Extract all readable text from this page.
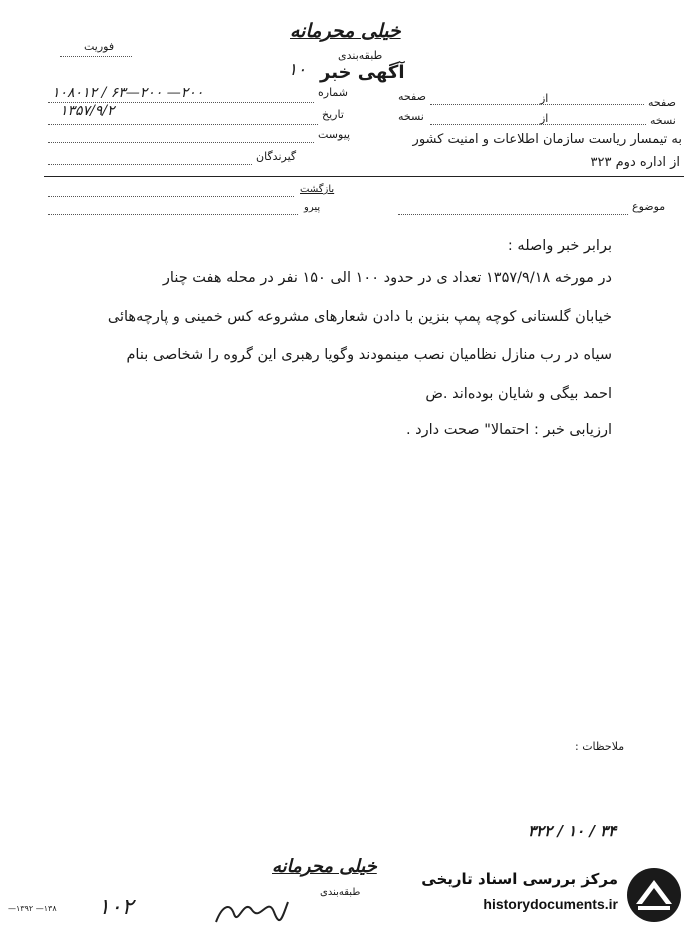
خیلی محرمانه
طبقه‌بندی
فوریت
آگهی خبر
۱۰
شماره
۱۰۸۰۱۲ / ۶۳—۲۰۰ —۲۰۰
تاریخ
۱۳۵۷/۹/۲
پیوست
گیرندگان
صفحه
از
صفحه
نسخه
از
نسخه
به تیمسار ریاست سازمان اطلاعات و امنیت کشور
از اداره دوم ۳۲۳
بازگشت
پیرو	موضوع
برابر خبر واصله :
در مورخه ۱۳۵۷/۹/۱۸ تعداد ی در حدود ۱۰۰ الی ۱۵۰ نفر در محله هفت چنار
خیابان گلستانی کوچه پمپ بنزین با دادن شعارهای مشروعه کس خمینی و پارچه‌هائی
سیاه در رب منازل نظامیان نصب مینمودند وگویا رهبری این گروه را شخاصی بنام
احمد بیگی و شایان بوده‌اند .ض
ارزیابی خبر : احتمالا" صحت دارد .
ملاحظات :
۳۲۲ / ۱۰ / ۳۴
خیلی محرمانه
طبقه‌بندی
۱۰۲
—۱۳۹۲ —۱۳۸
مرکز بررسی اسناد تاریخی
historydocuments.ir
